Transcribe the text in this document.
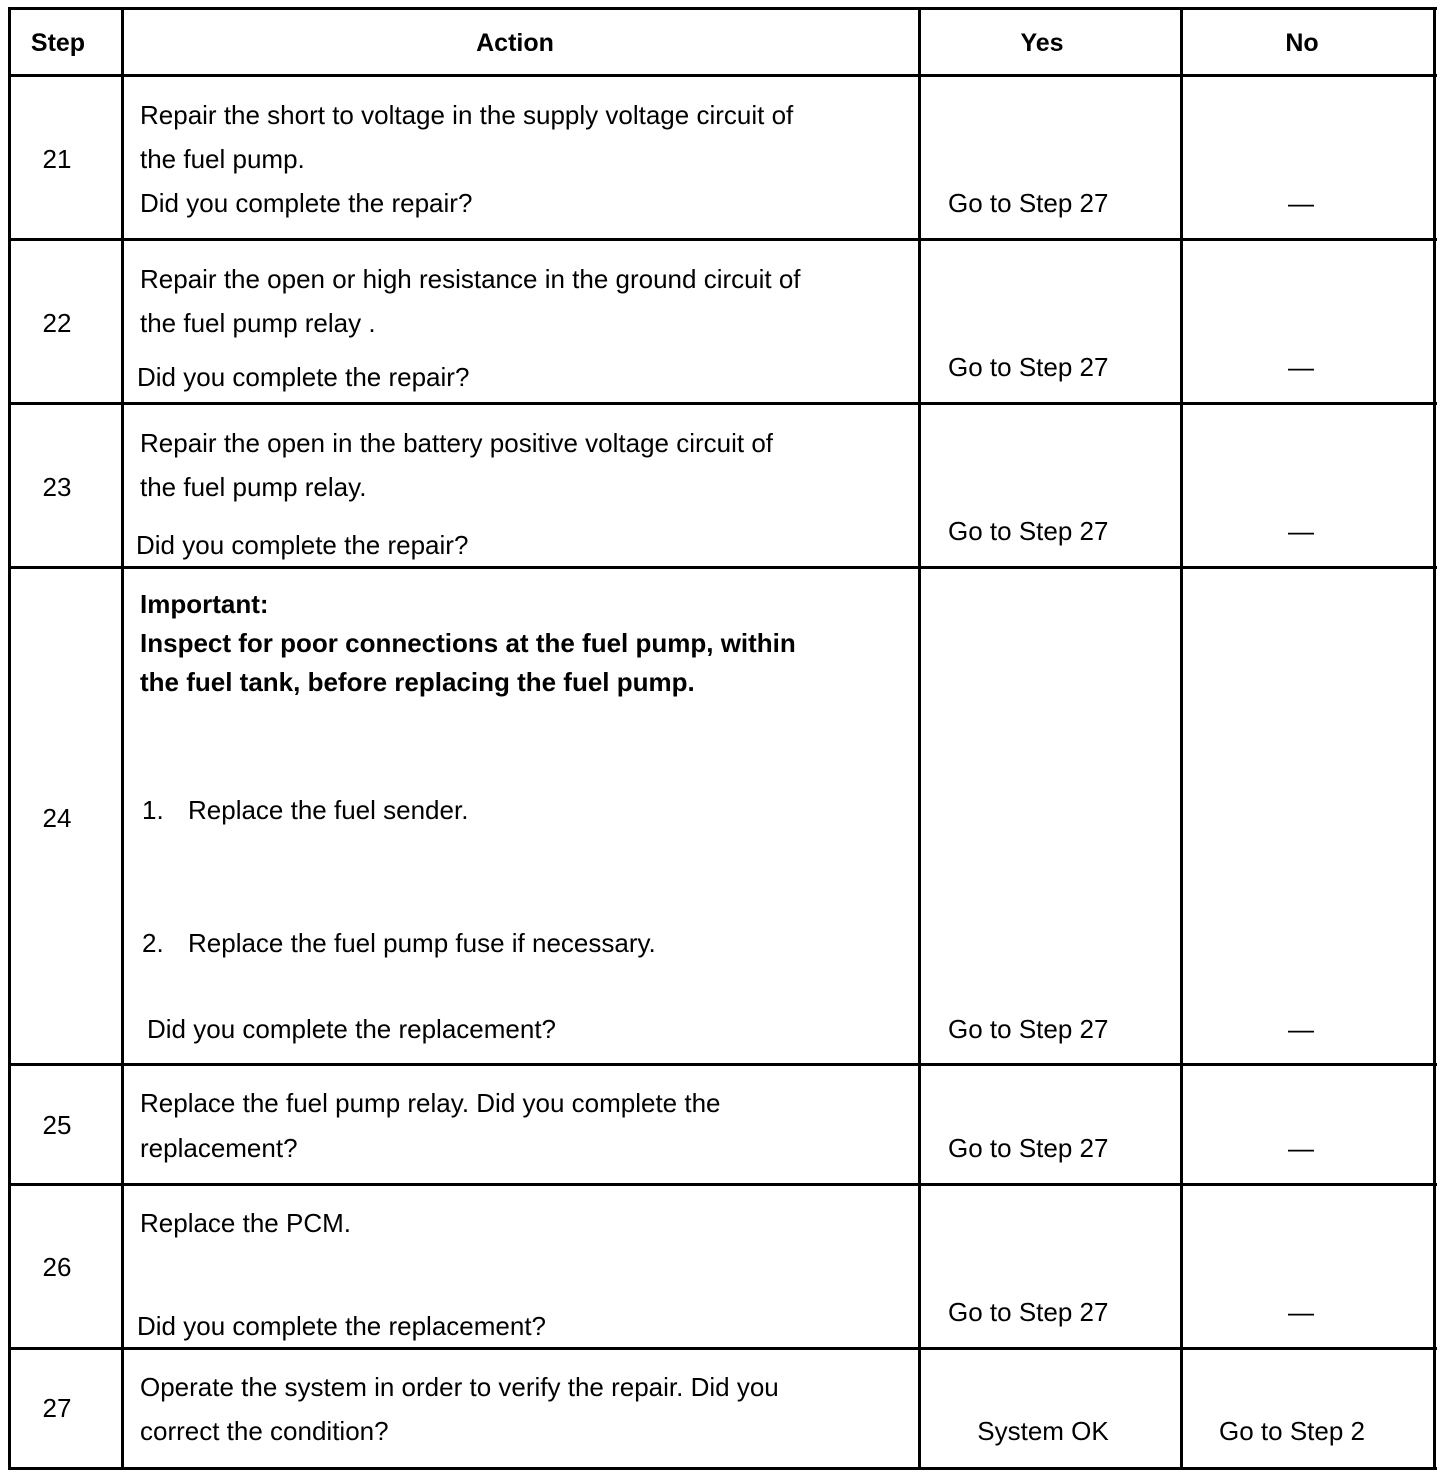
Step	Action	Yes	No
21
Repair the short to voltage in the supply voltage circuit of
the fuel pump.
Did you complete the repair?	Go to Step 27	—
22
Repair the open or high resistance in the ground circuit of
the fuel pump relay .
Did you complete the repair?	Go to Step 27	—
23
Repair the open in the battery positive voltage circuit of
the fuel pump relay.
Did you complete the repair?	Go to Step 27	—
24
Important:
Inspect for poor connections at the fuel pump, within
the fuel tank, before replacing the fuel pump.
1. Replace the fuel sender.
2. Replace the fuel pump fuse if necessary.
Did you complete the replacement?	Go to Step 27	—
25
Replace the fuel pump relay. Did you complete the
replacement?	Go to Step 27	—
26
Replace the PCM.
Did you complete the replacement?	Go to Step 27	—
27
Operate the system in order to verify the repair. Did you
correct the condition?	System OK	Go to Step 2
